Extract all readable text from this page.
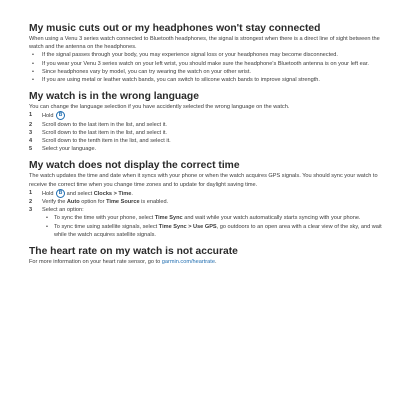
My music cuts out or my headphones won't stay connected

When using a Venu 3 series watch connected to Bluetooth headphones, the signal is strongest when there is a direct line of sight between the watch and the antenna on the headphones.

• If the signal passes through your body, you may experience signal loss or your headphones may become disconnected.
• If you wear your Venu 3 series watch on your left wrist, you should make sure the headphone's Bluetooth antenna is on your left ear.
• Since headphones vary by model, you can try wearing the watch on your other wrist.
• If you are using metal or leather watch bands, you can switch to silicone watch bands to improve signal strength.
My watch is in the wrong language

You can change the language selection if you have accidently selected the wrong language on the watch.

1 Hold B
2 Scroll down to the last item in the list, and select it.
3 Scroll down to the last item in the list, and select it.
4 Scroll down to the tenth item in the list, and select it.
5 Select your language.
My watch does not display the correct time

The watch updates the time and date when it syncs with your phone or when the watch acquires GPS signals. You should sync your watch to receive the correct time when you change time zones and to update for daylight saving time.

1 Hold B and select Clocks > Time.
2 Verify the Auto option for Time Source is enabled.
3 Select an option:
• To sync the time with your phone, select Time Sync and wait while your watch automatically starts syncing with your phone.
• To sync time using satellite signals, select Time Sync > Use GPS, go outdoors to an open area with a clear view of the sky, and wait while the watch acquires satellite signals.
The heart rate on my watch is not accurate

For more information on your heart rate sensor, go to garmin.com/heartrate.
